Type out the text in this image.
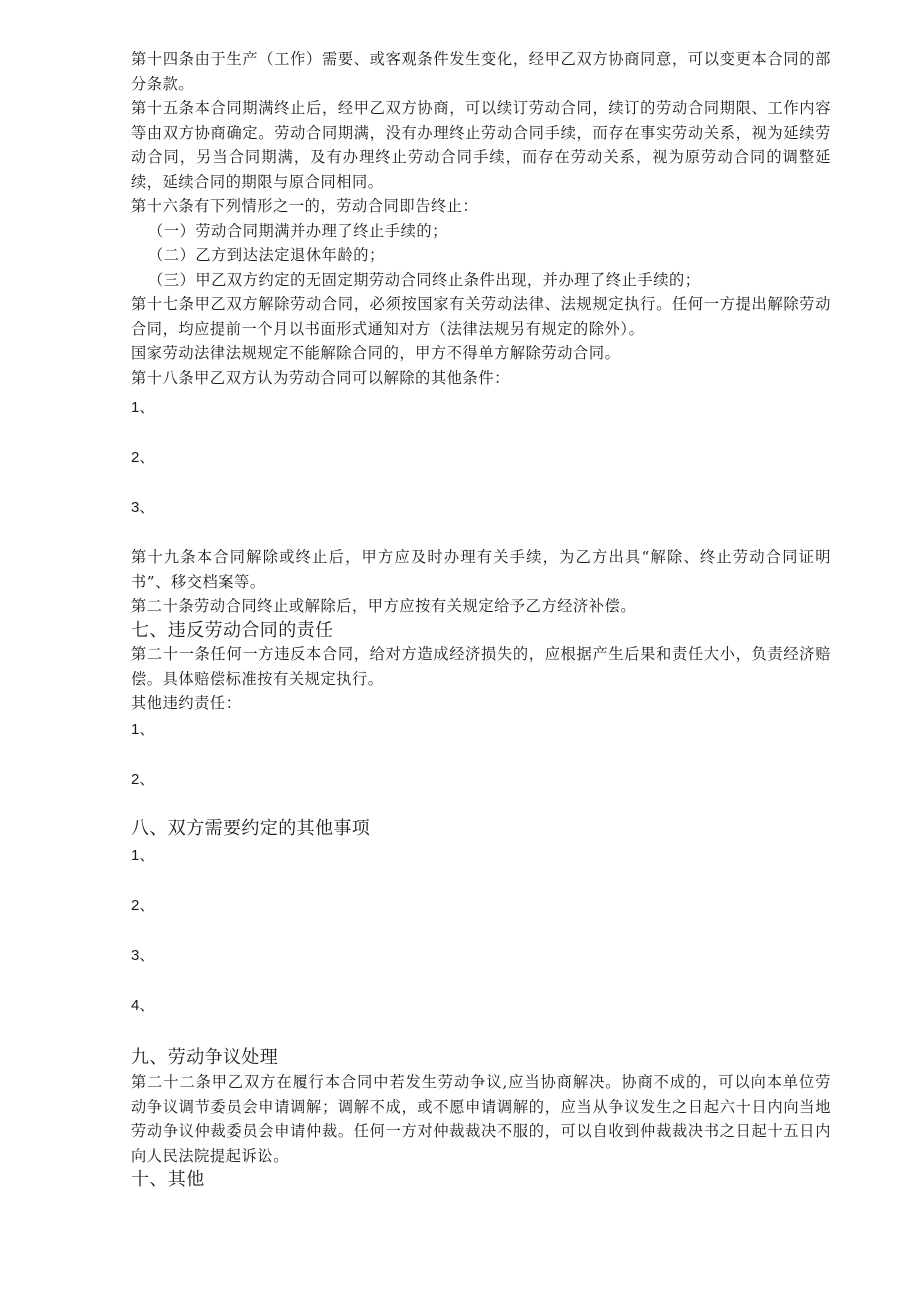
第十四条由于生产（工作）需要、或客观条件发生变化，经甲乙双方协商同意，可以变更本合同的部分条款。
第十五条本合同期满终止后，经甲乙双方协商，可以续订劳动合同，续订的劳动合同期限、工作内容等由双方协商确定。劳动合同期满，没有办理终止劳动合同手续，而存在事实劳动关系，视为延续劳动合同，另当合同期满，及有办理终止劳动合同手续，而存在劳动关系，视为原劳动合同的调整延续，延续合同的期限与原合同相同。
第十六条有下列情形之一的，劳动合同即告终止：
（一）劳动合同期满并办理了终止手续的；
（二）乙方到达法定退休年龄的；
（三）甲乙双方约定的无固定期劳动合同终止条件出现，并办理了终止手续的；
第十七条甲乙双方解除劳动合同，必须按国家有关劳动法律、法规规定执行。任何一方提出解除劳动合同，均应提前一个月以书面形式通知对方（法律法规另有规定的除外）。
国家劳动法律法规规定不能解除合同的，甲方不得单方解除劳动合同。
第十八条甲乙双方认为劳动合同可以解除的其他条件：
1、
2、
3、
第十九条本合同解除或终止后，甲方应及时办理有关手续，为乙方出具“解除、终止劳动合同证明书”、移交档案等。
第二十条劳动合同终止或解除后，甲方应按有关规定给予乙方经济补偿。
七、违反劳动合同的责任
第二十一条任何一方违反本合同，给对方造成经济损失的，应根据产生后果和责任大小，负责经济赔偿。具体赔偿标准按有关规定执行。
其他违约责任：
1、
2、
八、双方需要约定的其他事项
1、
2、
3、
4、
九、劳动争议处理
第二十二条甲乙双方在履行本合同中若发生劳动争议,应当协商解决。协商不成的，可以向本单位劳动争议调节委员会申请调解；调解不成，或不愿申请调解的，应当从争议发生之日起六十日内向当地劳动争议仲裁委员会申请仲裁。任何一方对仲裁裁决不服的，可以自收到仲裁裁决书之日起十五日内向人民法院提起诉讼。
十、其他
